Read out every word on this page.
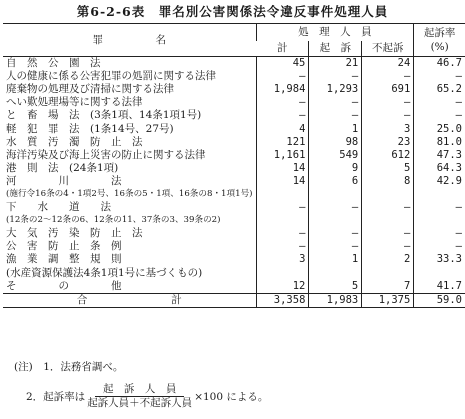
第6-2-6表　罪名別公害関係法令違反事件処理人員
罪　　　　　名	処　理　人　員			起訴率
(%)
	計	起　訴	不起訴	
自　然　公　園　法	45	21	24	46.7
人の健康に係る公害犯罪の処罰に関する法律	—	—	—	—
廃棄物の処理及び清掃に関する法律	1,984	1,293	691	65.2
へい歎処理場等に関する法律	—	—	—	—
と　畜　場　法　(3条1項、14条1項1号)	—	—	—	—
軽　犯　罪　法　(1条14号、27号)	4	1	3	25.0
水　質　汚　濁　防　止　法	121	98	23	81.0
海洋汚染及び海上災害の防止に関する法律	1,161	549	612	47.3
港　則　法　(24条1項)	14	9	5	64.3
河　　　　川　　　　法	14	6	8	42.9
(施行令16条の4・1項2号、16条の5・1項、16条の8・1項1号)				
下　　水　　道　　法	—	—	—	—
(12条の2～12条の6、12条の11、37条の3、39条の2)				
大　気　汚　染　防　止　法	—	—	—	—
公　害　防　止　条　例	—	—	—	—
漁　業　調　整　規　則	3	1	2	33.3
(水産資源保護法4条1項1号に基づくもの)				
そ　　　　の　　　　他	12	5	7	41.7
合　　　　　　　　計	3,358	1,983	1,375	59.0
(注)　1．法務省調べ。
2．起訴率は $\frac{\text{起　訴　人　員}}{\text{起訴人員＋不起訴人員}} \times 100$ による。
